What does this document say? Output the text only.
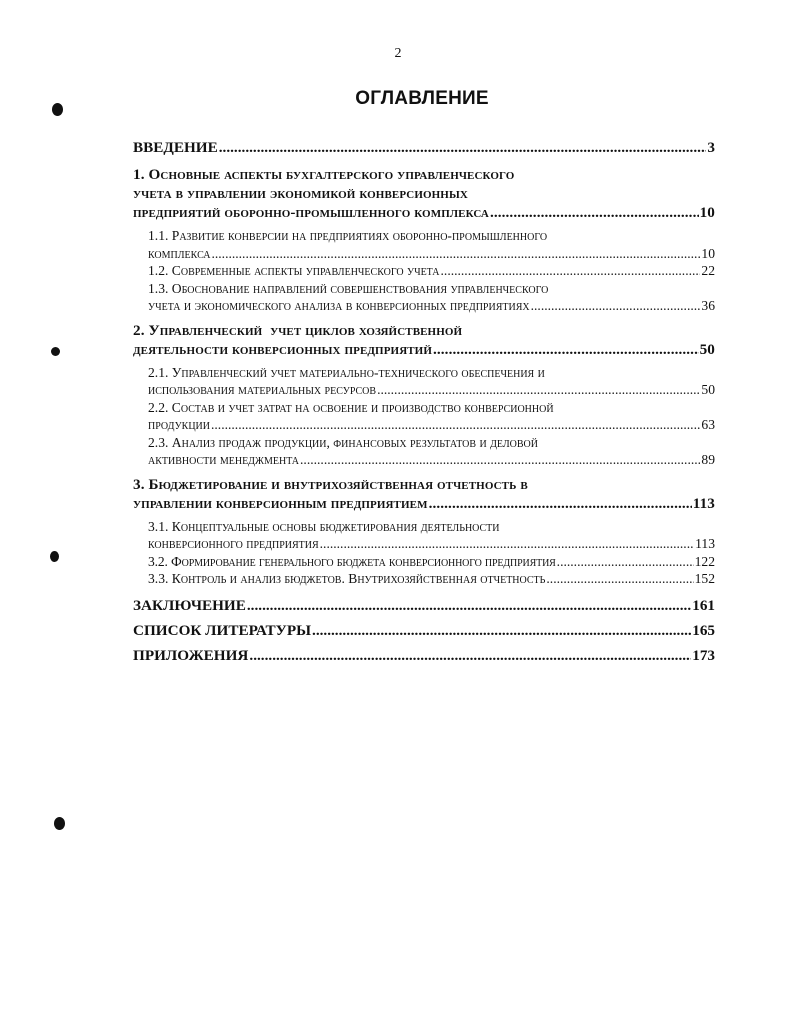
2
ОГЛАВЛЕНИЕ
ВВЕДЕНИЕ .....	3
1. Основные аспекты бухгалтерского управленческого
учета в управлении экономикой конверсионных
предприятий оборонно-промышленного комплекса .....	10
1.1. Развитие конверсии на предприятиях оборонно-промышленного
комплекса .....	10
1.2. Современные аспекты управленческого учета .....	22
1.3. Обоснование направлений совершенствования управленческого
учета и экономического анализа в конверсионных предприятиях .....	36
2. Управленческий  учет циклов хозяйственной
деятельности конверсионных предприятий .....	50
2.1. Управленческий учет материально-технического обеспечения и
использования материальных ресурсов .....	50
2.2. Состав и учет затрат на освоение и производство конверсионной
продукции .....	63
2.3. Анализ продаж продукции, финансовых результатов и деловой
активности менеджмента .....	89
3. Бюджетирование и внутрихозяйственная отчетность в
управлении конверсионным предприятием .....	113
3.1. Концептуальные основы бюджетирования деятельности
конверсионного предприятия .....	113
3.2. Формирование генерального бюджета конверсионного предприятия .....	122
3.3. Контроль и анализ бюджетов. Внутрихозяйственная отчетность .....	152
ЗАКЛЮЧЕНИЕ .....	161
СПИСОК ЛИТЕРАТУРЫ .....	165
ПРИЛОЖЕНИЯ .....	173
